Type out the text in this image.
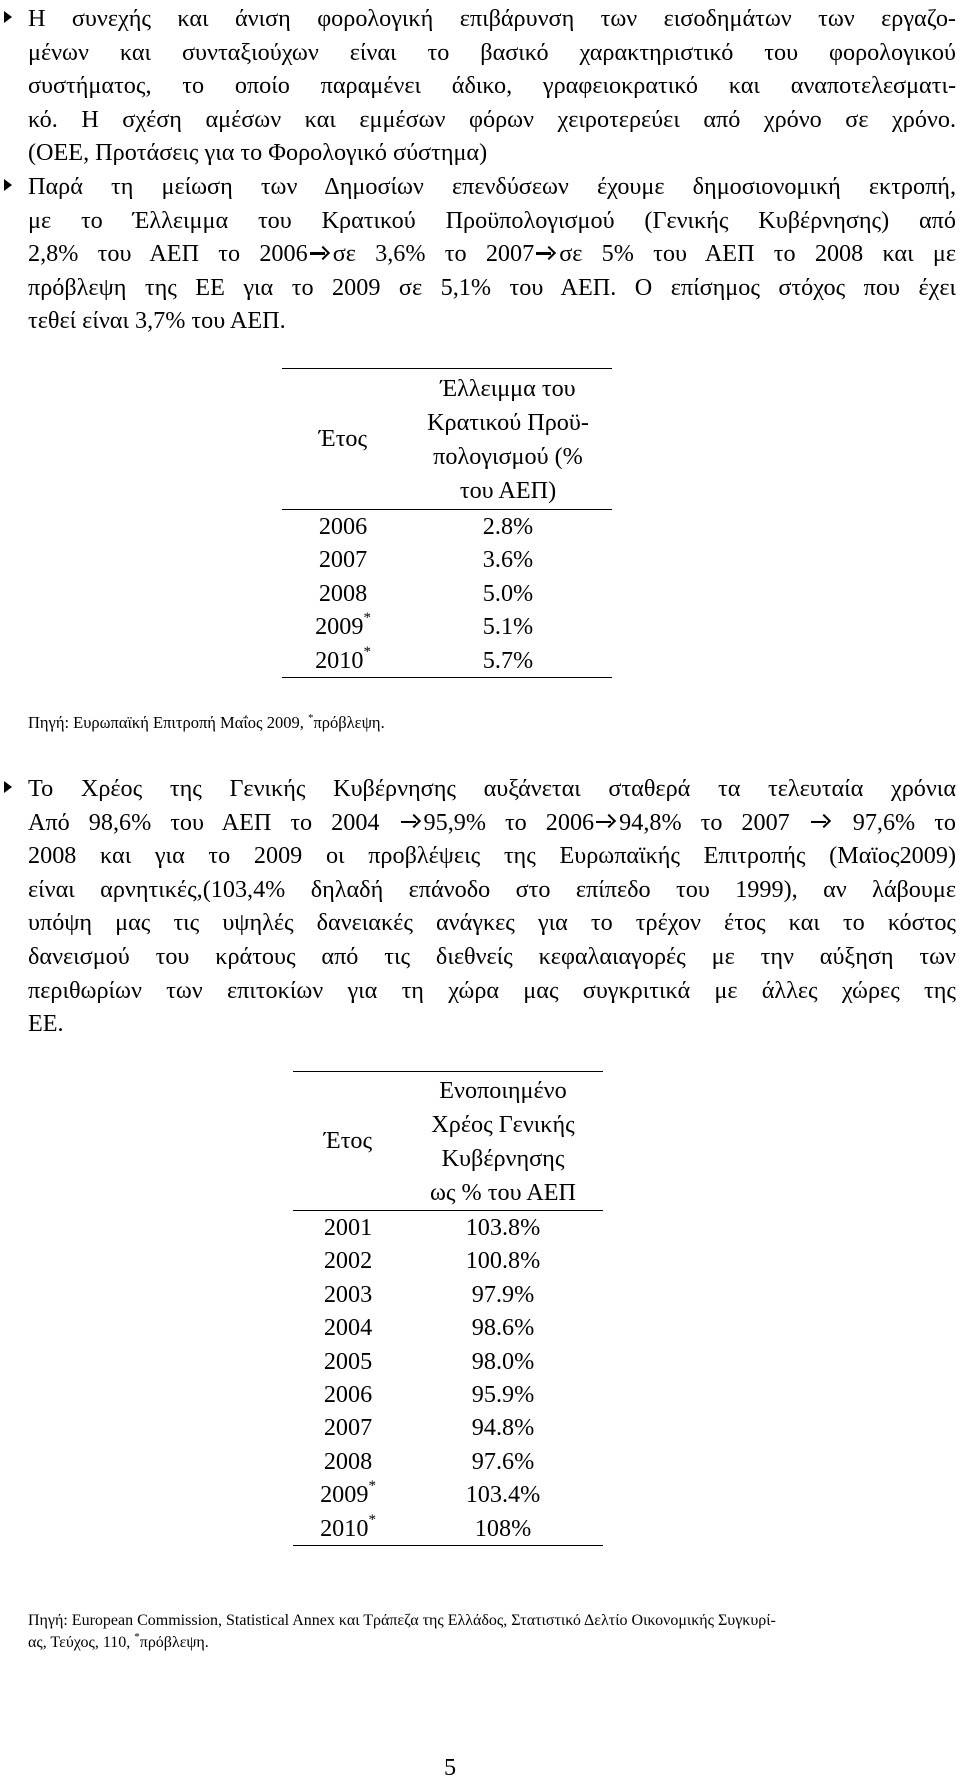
Η συνεχής και άνιση φορολογική επιβάρυνση των εισοδημάτων των εργαζο-
μένων και συνταξιούχων είναι το βασικό χαρακτηριστικό του φορολογικού
συστήματος, το οποίο παραμένει άδικο, γραφειοκρατικό και αναποτελεσματι-
κό. Η σχέση αμέσων και εμμέσων φόρων χειροτερεύει από χρόνο σε χρόνο.
(ΟΕΕ, Προτάσεις για το Φορολογικό σύστημα)
Παρά τη μείωση των Δημοσίων επενδύσεων έχουμε δημοσιονομική εκτροπή,
με το Έλλειμμα του Κρατικού Προϋπολογισμού (Γενικής Κυβέρνησης) από
2,8% του ΑΕΠ το 2006 σε 3,6% το 2007 σε 5% του ΑΕΠ το 2008 και με
πρόβλεψη της ΕΕ για το 2009 σε 5,1% του ΑΕΠ. Ο επίσημος στόχος που έχει
τεθεί είναι 3,7% του ΑΕΠ.
Έτος	Έλλειμμα του
Κρατικού Προϋ-
πολογισμού (%
του ΑΕΠ)

2006	2.8%
2007	3.6%
2008	5.0%
2009*	5.1%
2010*	5.7%
Πηγή: Ευρωπαϊκή Επιτροπή Μαΐος 2009, *πρόβλεψη.
Το Χρέος της Γενικής Κυβέρνησης αυξάνεται σταθερά τα τελευταία χρόνια
Από 98,6% του ΑΕΠ το 2004 95,9% το 2006 94,8% το 2007  97,6% το
2008 και για το 2009 οι προβλέψεις της Ευρωπαϊκής Επιτροπής (Μαϊος2009)
είναι αρνητικές,(103,4% δηλαδή επάνοδο στο επίπεδο του 1999), αν λάβουμε
υπόψη μας τις υψηλές δανειακές ανάγκες για το τρέχον έτος και το κόστος
δανεισμού του κράτους από τις διεθνείς κεφαλαιαγορές με την αύξηση των
περιθωρίων των επιτοκίων για τη χώρα μας συγκριτικά με άλλες χώρες της
ΕΕ.
Έτος	Ενοποιημένο
Χρέος Γενικής
Κυβέρνησης
ως % του ΑΕΠ

2001	103.8%
2002	100.8%
2003	97.9%
2004	98.6%
2005	98.0%
2006	95.9%
2007	94.8%
2008	97.6%
2009*	103.4%
2010*	108%
Πηγή: European Commission, Statistical Annex και Τράπεζα της Ελλάδος, Στατιστικό Δελτίο Οικονομικής Συγκυρί-
ας, Τεύχος, 110, *πρόβλεψη.
5
